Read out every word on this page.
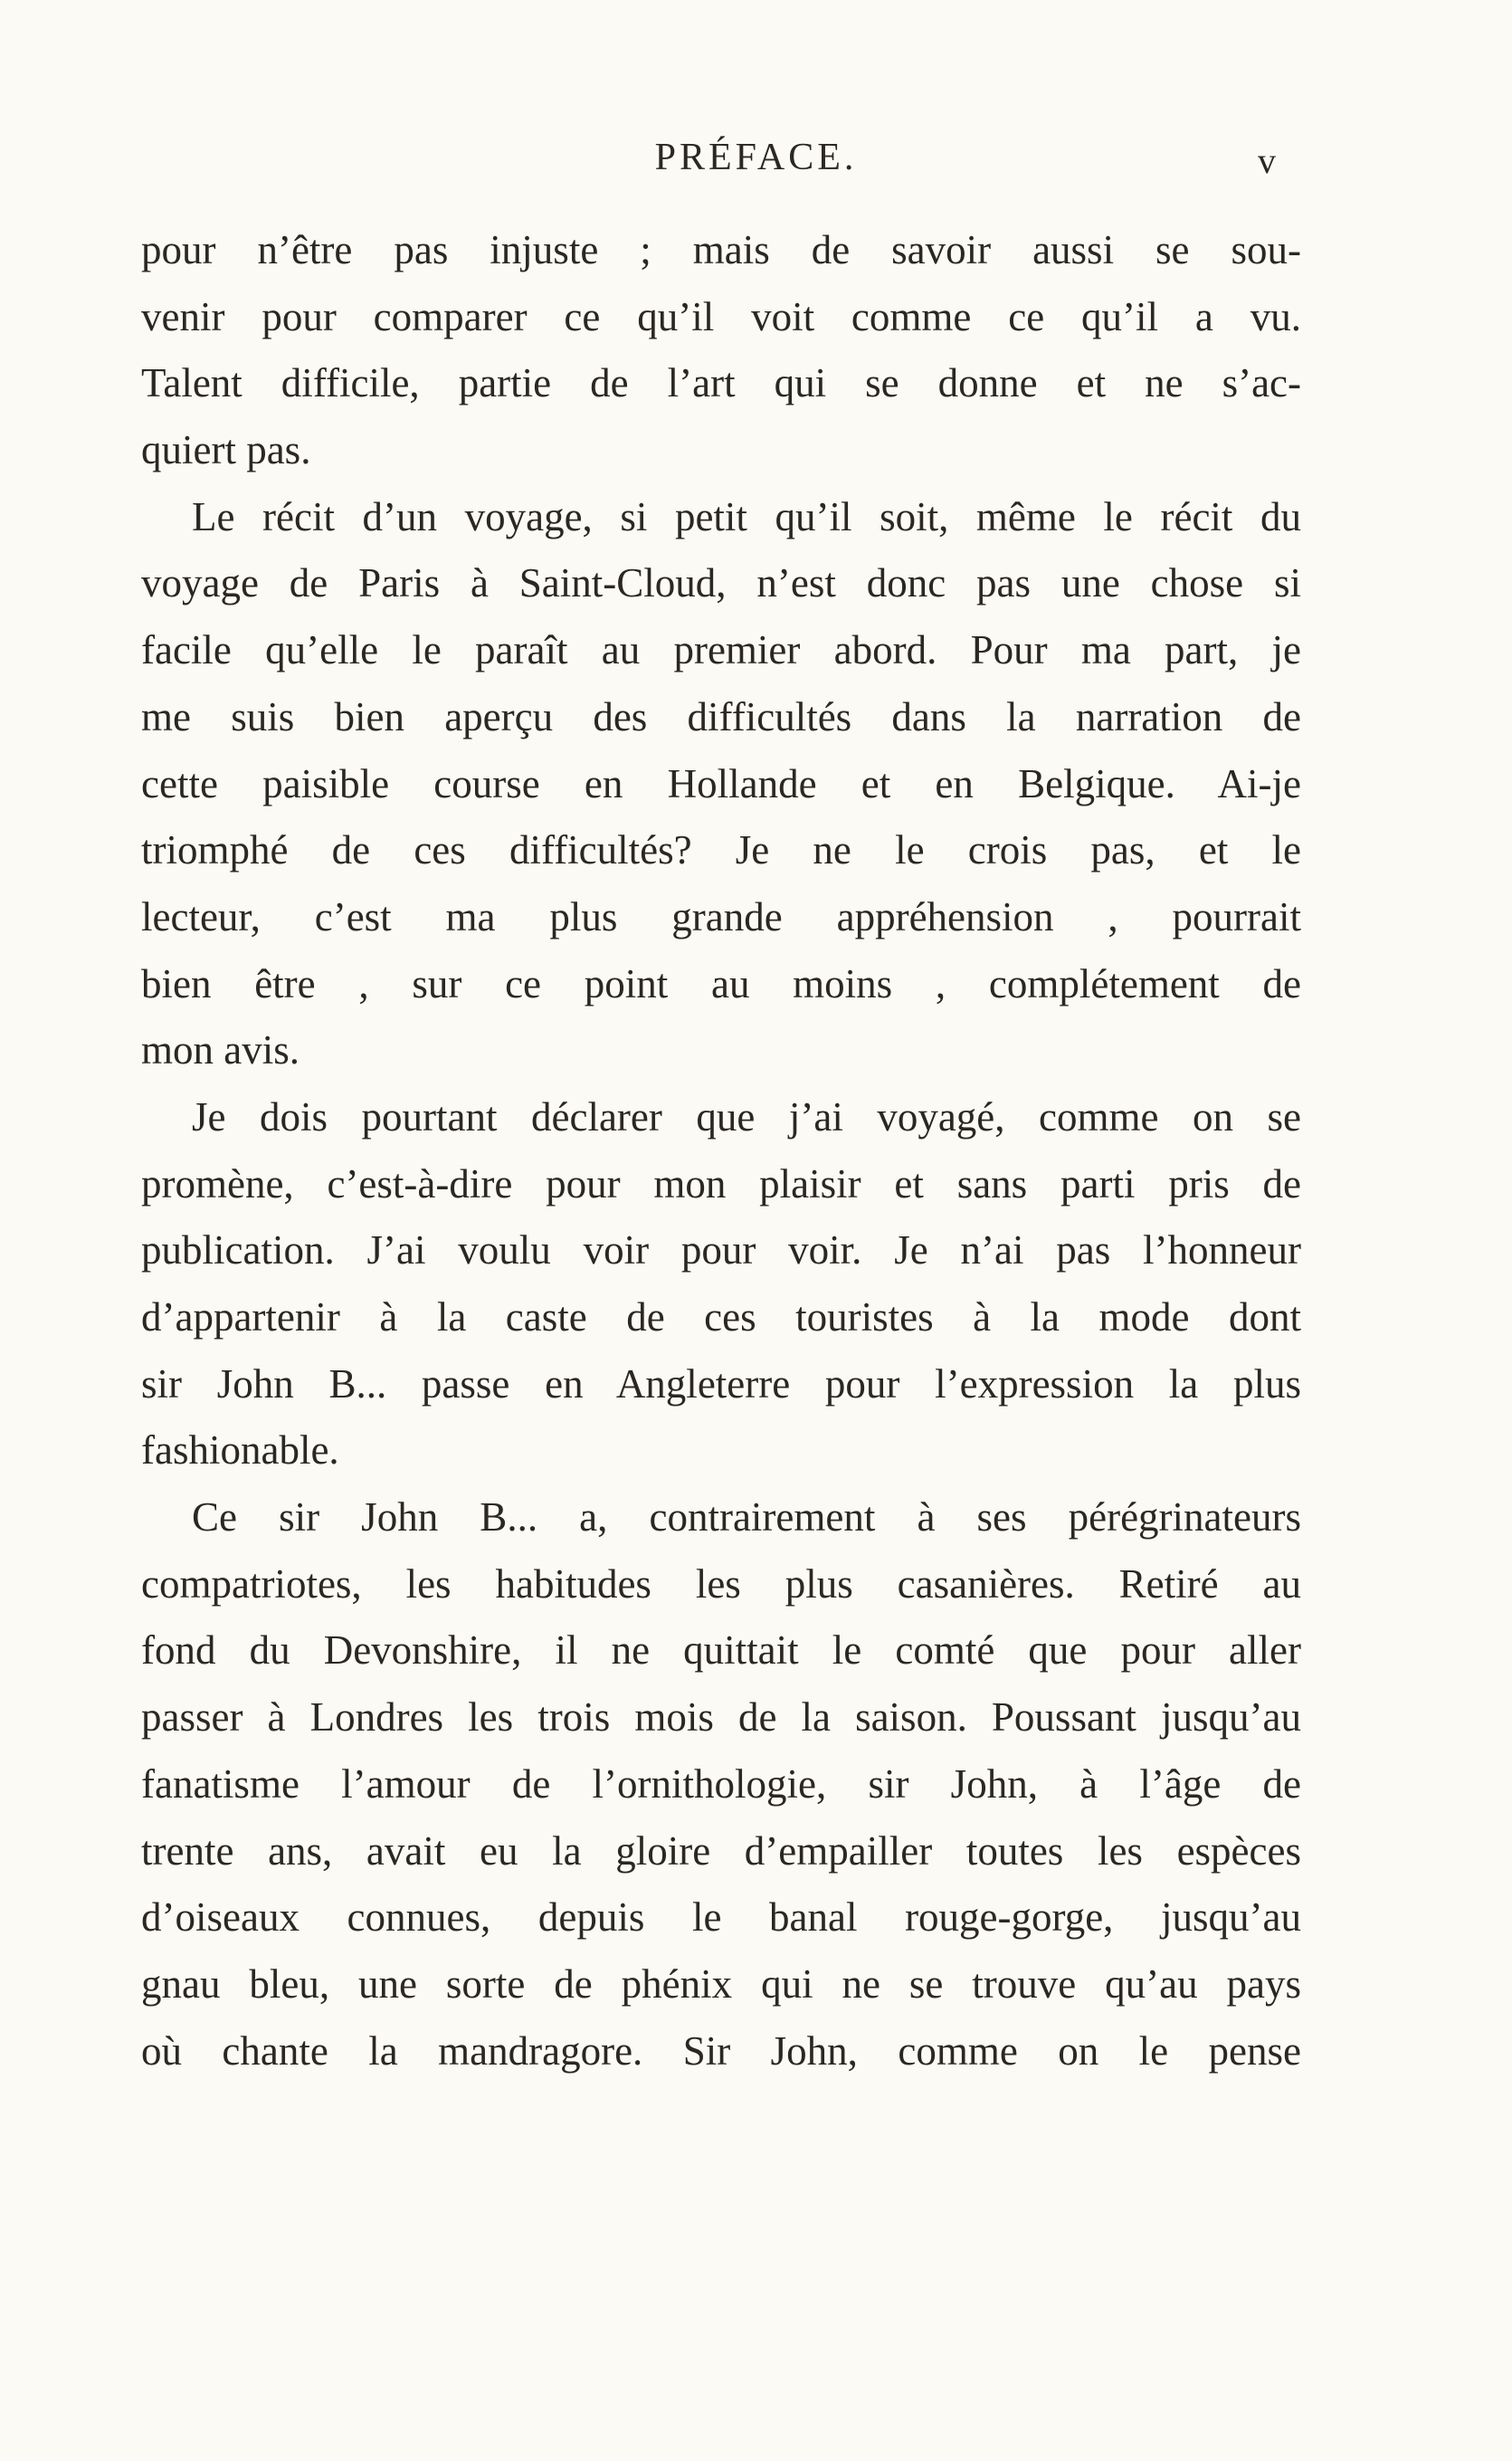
PRÉFACE.	v
pour n’être pas injuste ; mais de savoir aussi se sou-
venir pour comparer ce qu’il voit comme ce qu’il a vu.
Talent difficile, partie de l’art qui se donne et ne s’ac-
quiert pas.
Le récit d’un voyage, si petit qu’il soit, même le récit du
voyage de Paris à Saint-Cloud, n’est donc pas une chose si
facile qu’elle le paraît au premier abord. Pour ma part, je
me suis bien aperçu des difficultés dans la narration de
cette paisible course en Hollande et en Belgique. Ai-je
triomphé de ces difficultés? Je ne le crois pas, et le
lecteur, c’est ma plus grande appréhension , pourrait
bien être , sur ce point au moins , complétement de
mon avis.
Je dois pourtant déclarer que j’ai voyagé, comme on se
promène, c’est-à-dire pour mon plaisir et sans parti pris de
publication. J’ai voulu voir pour voir. Je n’ai pas l’honneur
d’appartenir à la caste de ces touristes à la mode dont
sir John B... passe en Angleterre pour l’expression la plus
fashionable.
Ce sir John B... a, contrairement à ses pérégrinateurs
compatriotes, les habitudes les plus casanières. Retiré au
fond du Devonshire, il ne quittait le comté que pour aller
passer à Londres les trois mois de la saison. Poussant jusqu’au
fanatisme l’amour de l’ornithologie, sir John, à l’âge de
trente ans, avait eu la gloire d’empailler toutes les espèces
d’oiseaux connues, depuis le banal rouge-gorge, jusqu’au
gnau bleu, une sorte de phénix qui ne se trouve qu’au pays
où chante la mandragore. Sir John, comme on le pense
